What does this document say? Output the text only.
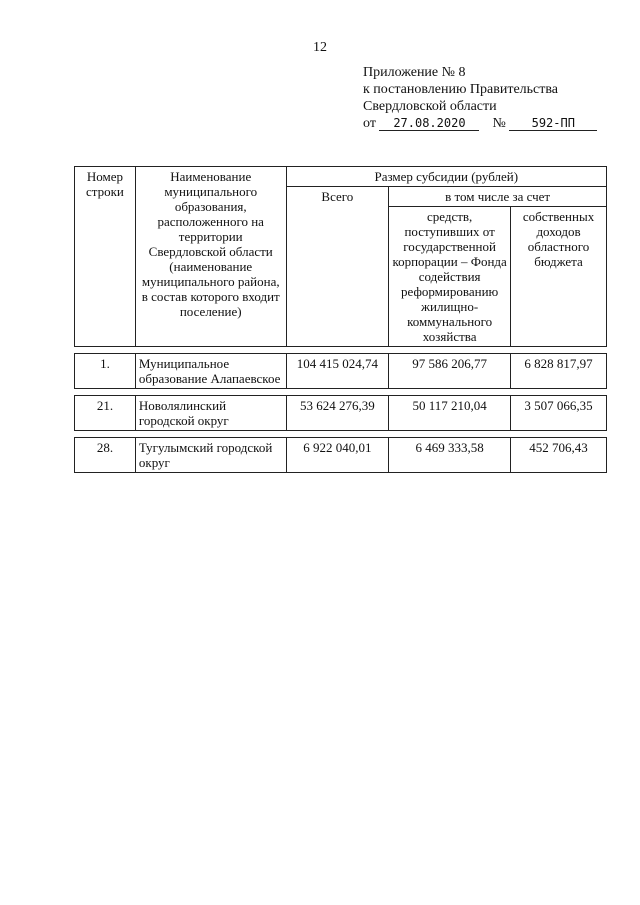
12
Приложение № 8
к постановлению Правительства
Свердловской области
от 27.08.2020 № 592-ПП
Номер строки	Наименование муниципального образования, расположенного на территории Свердловской области (наименование муниципального района, в состав которого входит поселение)	Размер субсидии (рублей)		
		Всего	в том числе за счет	
			средств, поступивших от государственной корпорации – Фонда содействия реформированию жилищно-коммунального хозяйства	собственных доходов областного бюджета

1.	Муниципальное образование Алапаевское	104 415 024,74	97 586 206,77	6 828 817,97

21.	Новолялинский городской округ	53 624 276,39	50 117 210,04	3 507 066,35

28.	Тугулымский городской округ	6 922 040,01	6 469 333,58	452 706,43
